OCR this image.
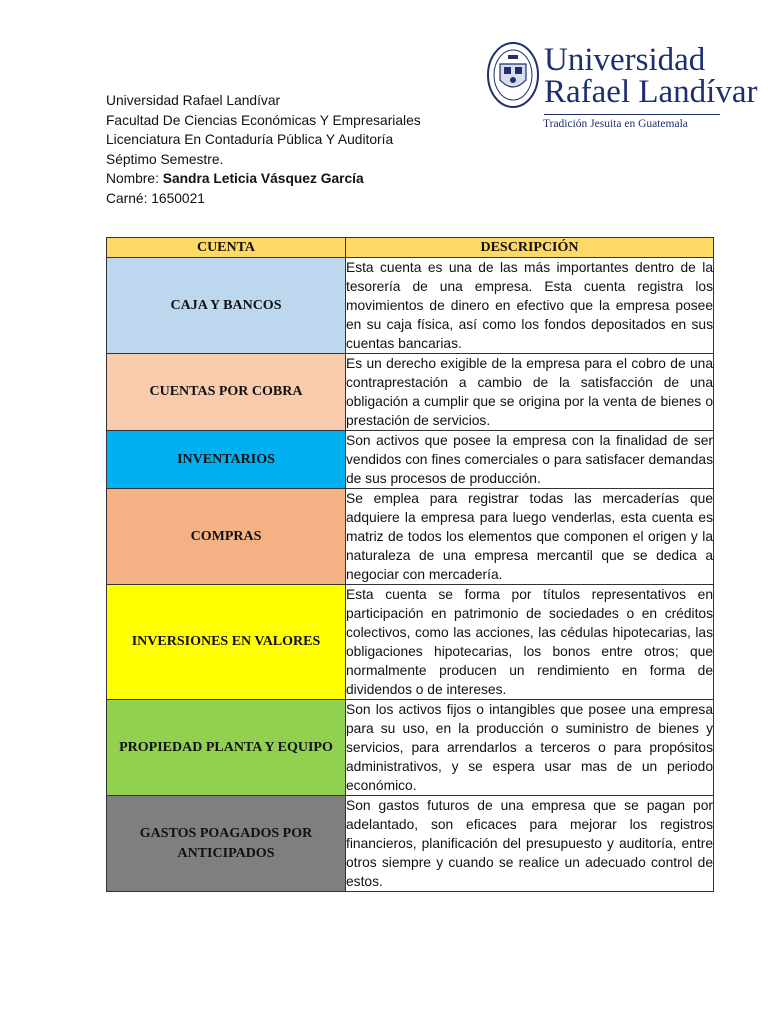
Universidad
Rafael Landívar
Tradición Jesuita en Guatemala
Universidad Rafael Landívar
Facultad De Ciencias Económicas Y Empresariales
Licenciatura En Contaduría Pública Y Auditoría
Séptimo Semestre.
Nombre: Sandra Leticia Vásquez García
Carné: 1650021
CUENTA	DESCRIPCIÓN
CAJA Y BANCOS	Esta cuenta es una de las más importantes dentro de la tesorería de una empresa. Esta cuenta registra los movimientos de dinero en efectivo que la empresa posee en su caja física, así como los fondos depositados en sus cuentas bancarias.
CUENTAS POR COBRA	Es un derecho exigible de la empresa para el cobro de una contraprestación a cambio de la satisfacción de una obligación a cumplir que se origina por la venta de bienes o prestación de servicios.
INVENTARIOS	Son activos que posee la empresa con la finalidad de ser vendidos con fines comerciales o para satisfacer demandas de sus procesos de producción.
COMPRAS	Se emplea para registrar todas las mercaderías que adquiere la empresa para luego venderlas, esta cuenta es matriz de todos los elementos que componen el origen y la naturaleza de una empresa mercantil que se dedica a negociar con mercadería.
INVERSIONES EN VALORES	Esta cuenta se forma por títulos representativos en participación en patrimonio de sociedades o en créditos colectivos, como las acciones, las cédulas hipotecarias, las obligaciones hipotecarias, los bonos entre otros; que normalmente producen un rendimiento en forma de dividendos o de intereses.
PROPIEDAD PLANTA Y EQUIPO	Son los activos fijos o intangibles que posee una empresa para su uso, en la producción o suministro de bienes y servicios, para arrendarlos a terceros o para propósitos administrativos, y se espera usar mas de un periodo económico.
GASTOS POAGADOS POR ANTICIPADOS	Son gastos futuros de una empresa que se pagan por adelantado, son eficaces para mejorar los registros financieros, planificación del presupuesto y auditoría, entre otros siempre y cuando se realice un adecuado control de estos.
